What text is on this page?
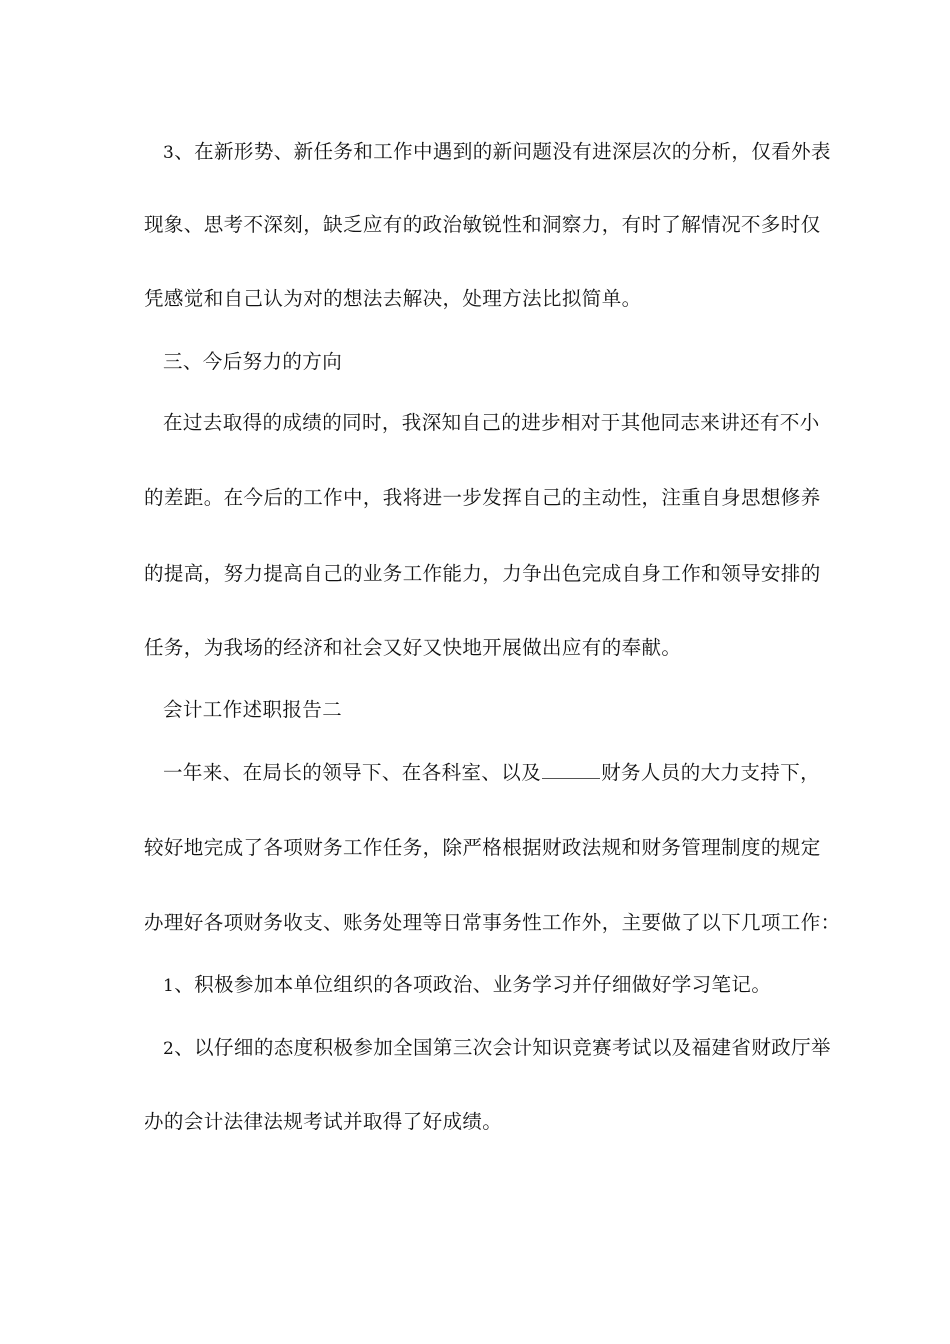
3、在新形势、新任务和工作中遇到的新问题没有进深层次的分析，仅看外表
现象、思考不深刻，缺乏应有的政治敏锐性和洞察力，有时了解情况不多时仅
凭感觉和自己认为对的想法去解决，处理方法比拟简单。
三、今后努力的方向
在过去取得的成绩的同时，我深知自己的进步相对于其他同志来讲还有不小
的差距。在今后的工作中，我将进一步发挥自己的主动性，注重自身思想修养
的提高，努力提高自己的业务工作能力，力争出色完成自身工作和领导安排的
任务，为我场的经济和社会又好又快地开展做出应有的奉献。
会计工作述职报告二
一年来、在局长的领导下、在各科室、以及	财务人员的大力支持下，
较好地完成了各项财务工作任务，除严格根据财政法规和财务管理制度的规定
办理好各项财务收支、账务处理等日常事务性工作外，主要做了以下几项工作：
1、积极参加本单位组织的各项政治、业务学习并仔细做好学习笔记。
2、以仔细的态度积极参加全国第三次会计知识竞赛考试以及福建省财政厅举
办的会计法律法规考试并取得了好成绩。
